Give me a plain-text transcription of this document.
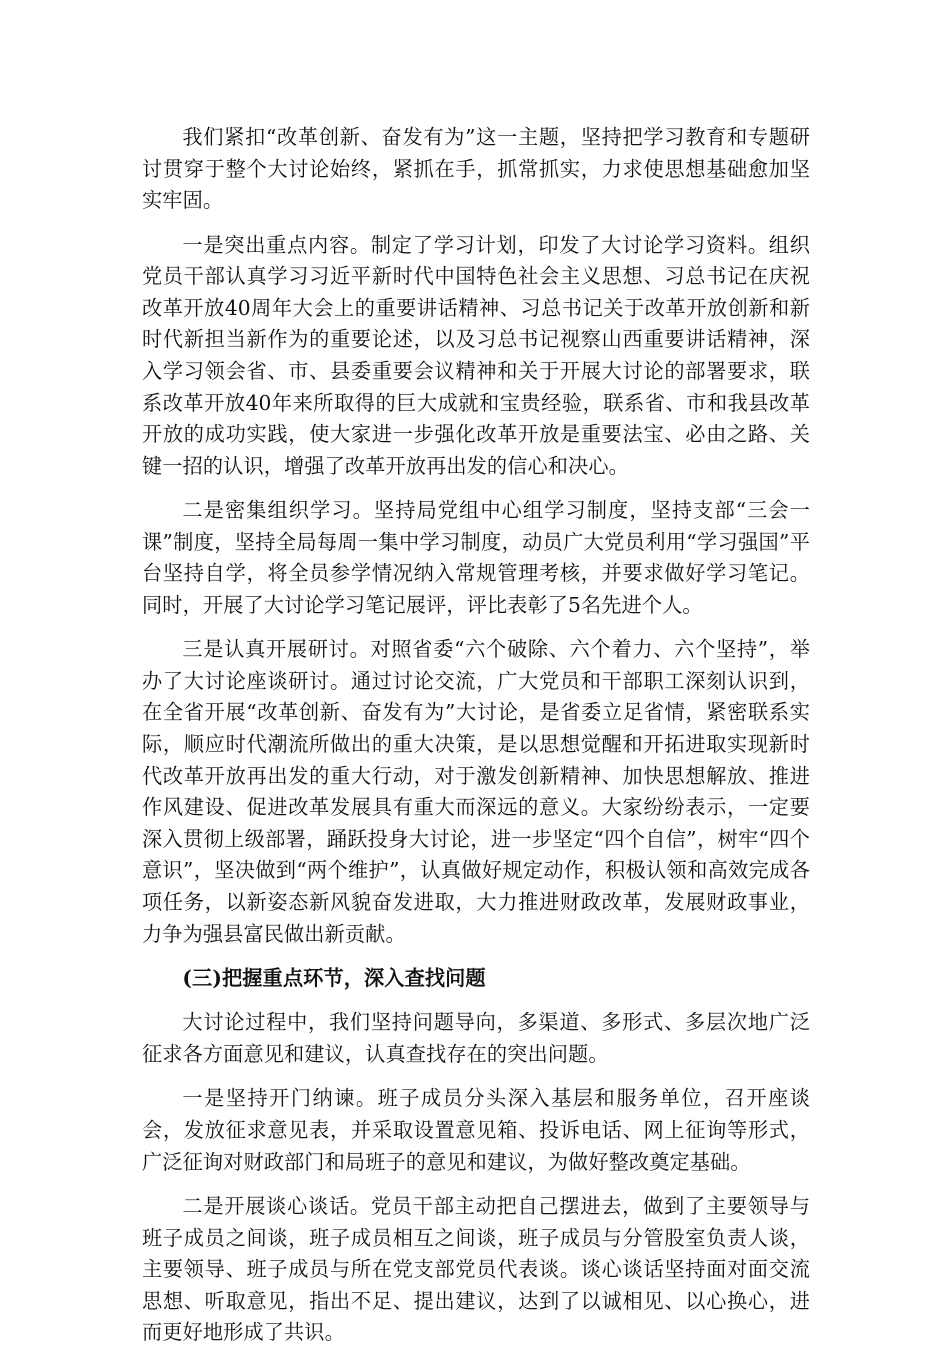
我们紧扣“改革创新、奋发有为”这一主题，坚持把学习教育和专题研讨贯穿于整个大讨论始终，紧抓在手，抓常抓实，力求使思想基础愈加坚实牢固。

一是突出重点内容。制定了学习计划，印发了大讨论学习资料。组织党员干部认真学习习近平新时代中国特色社会主义思想、习总书记在庆祝改革开放40周年大会上的重要讲话精神、习总书记关于改革开放创新和新时代新担当新作为的重要论述，以及习总书记视察山西重要讲话精神，深入学习领会省、市、县委重要会议精神和关于开展大讨论的部署要求，联系改革开放40年来所取得的巨大成就和宝贵经验，联系省、市和我县改革开放的成功实践，使大家进一步强化改革开放是重要法宝、必由之路、关键一招的认识，增强了改革开放再出发的信心和决心。

二是密集组织学习。坚持局党组中心组学习制度，坚持支部“三会一课”制度，坚持全局每周一集中学习制度，动员广大党员利用“学习强国”平台坚持自学，将全员参学情况纳入常规管理考核，并要求做好学习笔记。同时，开展了大讨论学习笔记展评，评比表彰了5名先进个人。

三是认真开展研讨。对照省委“六个破除、六个着力、六个坚持”，举办了大讨论座谈研讨。通过讨论交流，广大党员和干部职工深刻认识到，在全省开展“改革创新、奋发有为”大讨论，是省委立足省情，紧密联系实际，顺应时代潮流所做出的重大决策，是以思想觉醒和开拓进取实现新时代改革开放再出发的重大行动，对于激发创新精神、加快思想解放、推进作风建设、促进改革发展具有重大而深远的意义。大家纷纷表示，一定要深入贯彻上级部署，踊跃投身大讨论，进一步坚定“四个自信”，树牢“四个意识”，坚决做到“两个维护”，认真做好规定动作，积极认领和高效完成各项任务，以新姿态新风貌奋发进取，大力推进财政改革，发展财政事业，力争为强县富民做出新贡献。

(三)把握重点环节，深入查找问题

大讨论过程中，我们坚持问题导向，多渠道、多形式、多层次地广泛征求各方面意见和建议，认真查找存在的突出问题。

一是坚持开门纳谏。班子成员分头深入基层和服务单位，召开座谈会，发放征求意见表，并采取设置意见箱、投诉电话、网上征询等形式，广泛征询对财政部门和局班子的意见和建议，为做好整改奠定基础。

二是开展谈心谈话。党员干部主动把自己摆进去，做到了主要领导与班子成员之间谈，班子成员相互之间谈，班子成员与分管股室负责人谈，主要领导、班子成员与所在党支部党员代表谈。谈心谈话坚持面对面交流思想、听取意见，指出不足、提出建议，达到了以诚相见、以心换心，进而更好地形成了共识。
